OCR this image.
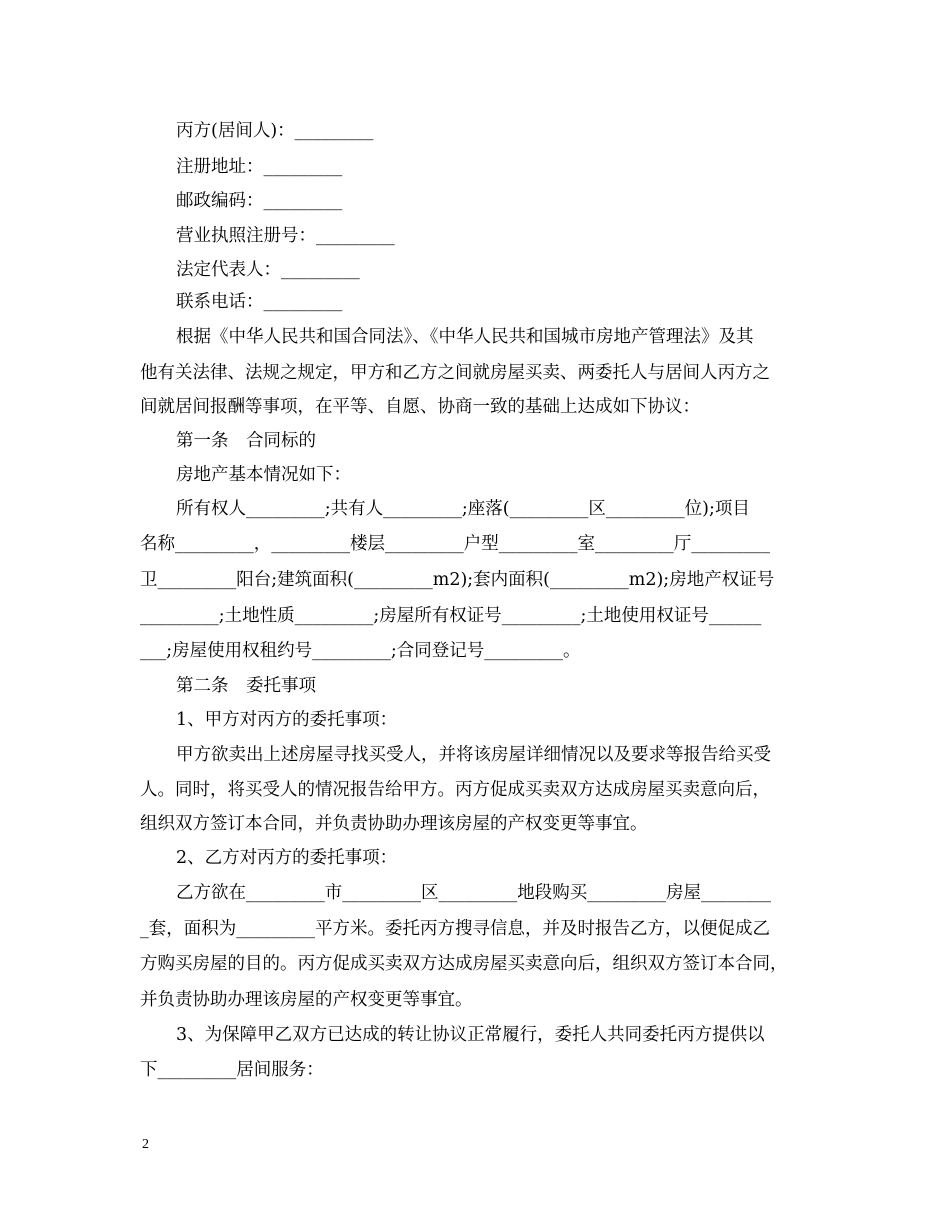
丙方(居间人)：_________
注册地址：_________
邮政编码：_________
营业执照注册号：_________
法定代表人：_________
联系电话：_________
根据《中华人民共和国合同法》、《中华人民共和国城市房地产管理法》及其
他有关法律、法规之规定，甲方和乙方之间就房屋买卖、两委托人与居间人丙方之
间就居间报酬等事项，在平等、自愿、协商一致的基础上达成如下协议：
第一条　合同标的
房地产基本情况如下：
所有权人_________;共有人_________;座落(_________区_________位);项目
名称_________，_________楼层_________户型_________室_________厅_________
卫_________阳台;建筑面积(_________m2);套内面积(_________m2);房地产权证号
_________;土地性质_________;房屋所有权证号_________;土地使用权证号______
___;房屋使用权租约号_________;合同登记号_________。
第二条　委托事项
1、甲方对丙方的委托事项：
甲方欲卖出上述房屋寻找买受人，并将该房屋详细情况以及要求等报告给买受
人。同时，将买受人的情况报告给甲方。丙方促成买卖双方达成房屋买卖意向后，
组织双方签订本合同，并负责协助办理该房屋的产权变更等事宜。
2、乙方对丙方的委托事项：
乙方欲在_________市_________区_________地段购买_________房屋________
_套，面积为_________平方米。委托丙方搜寻信息，并及时报告乙方，以便促成乙
方购买房屋的目的。丙方促成买卖双方达成房屋买卖意向后，组织双方签订本合同，
并负责协助办理该房屋的产权变更等事宜。
3、为保障甲乙双方已达成的转让协议正常履行，委托人共同委托丙方提供以
下_________居间服务：
2
